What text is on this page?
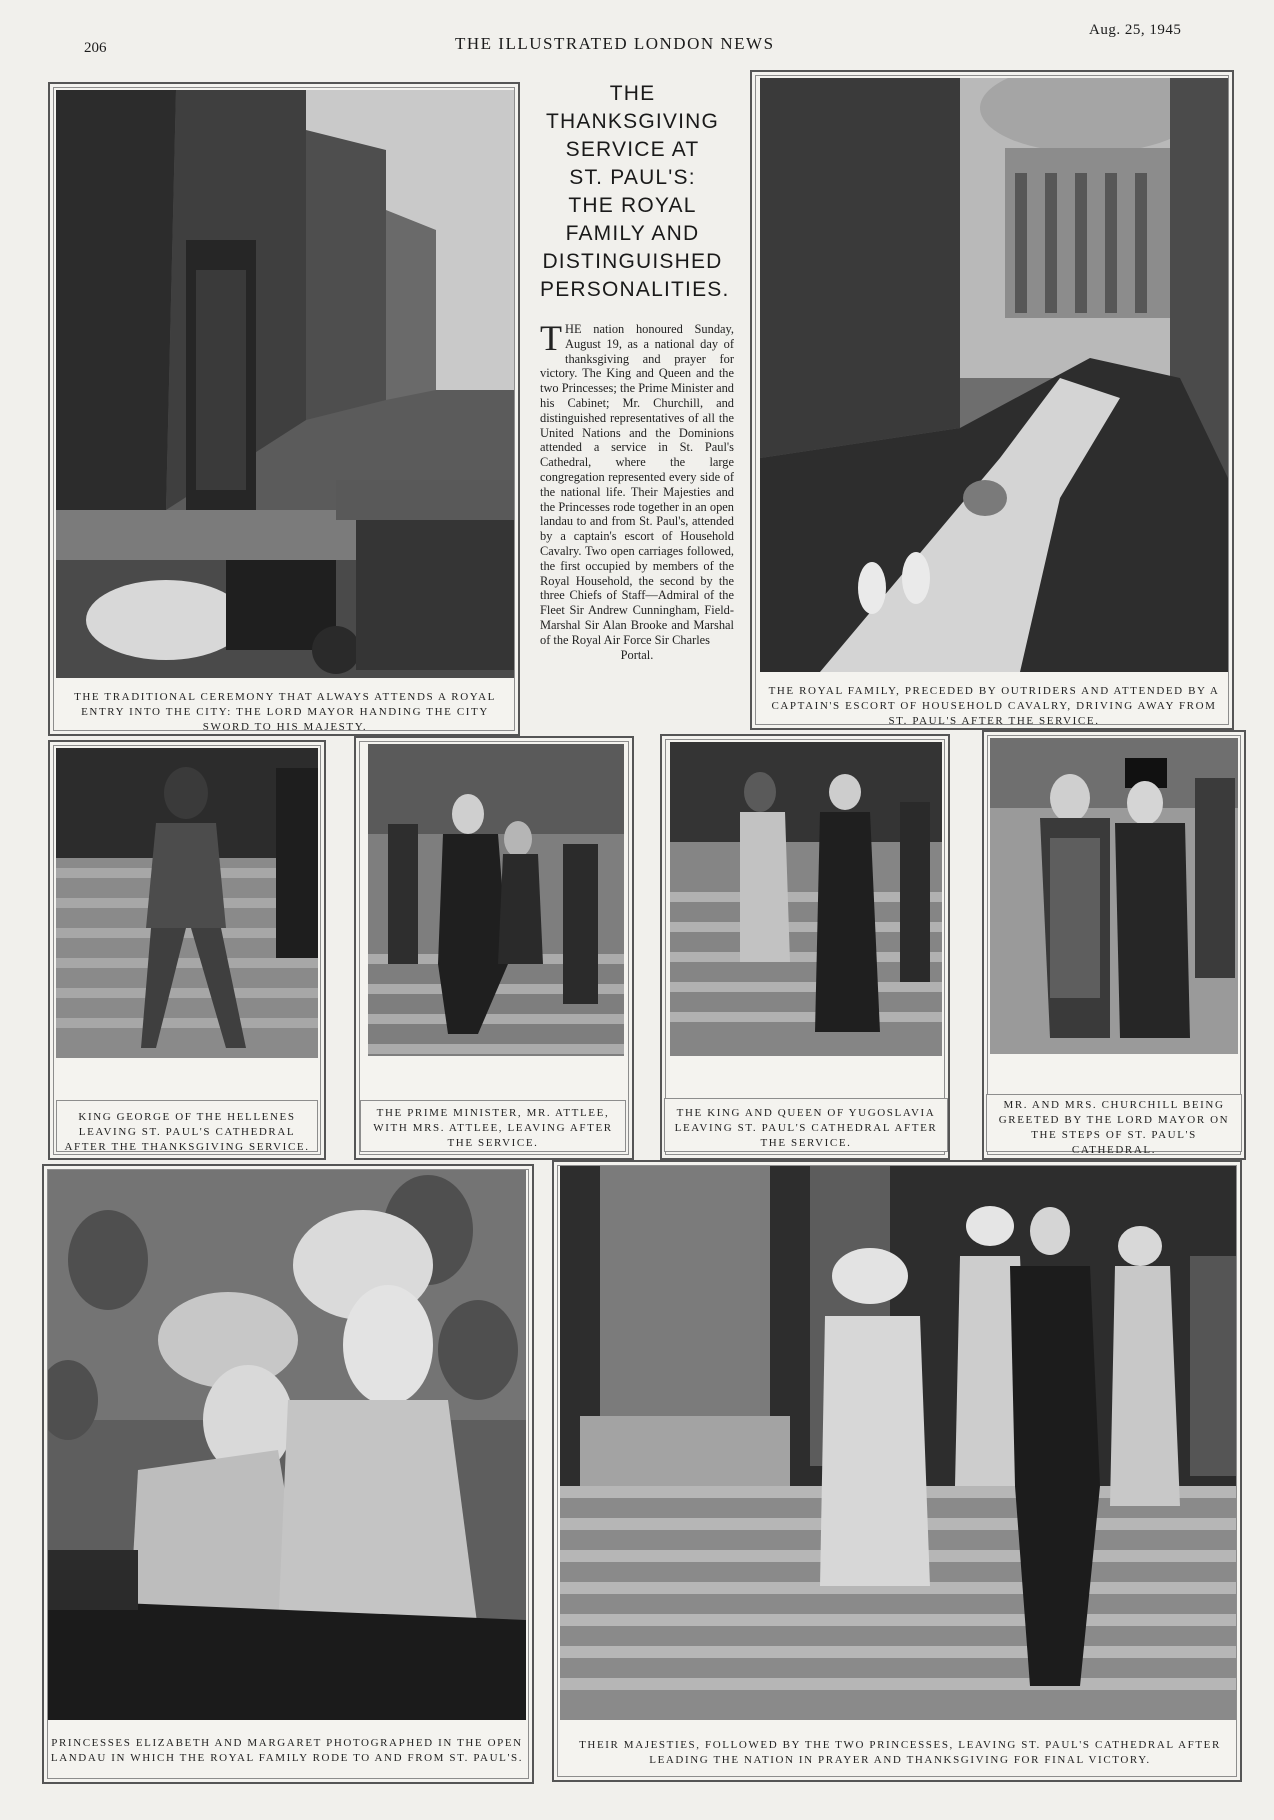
206	THE ILLUSTRATED LONDON NEWS
Aug. 25, 1945
THE TRADITIONAL CEREMONY THAT ALWAYS ATTENDS A ROYAL ENTRY INTO THE CITY: THE LORD MAYOR HANDING THE CITY SWORD TO HIS MAJESTY.
THE
THANKSGIVING
SERVICE AT
ST. PAUL'S:
THE ROYAL
FAMILY AND
DISTINGUISHED
PERSONALITIES.
THE nation honoured Sunday, August 19, as a national day of thanksgiving and prayer for victory. The King and Queen and the two Princesses; the Prime Minister and his Cabinet; Mr. Churchill, and distinguished representatives of all the United Nations and the Dominions attended a service in St. Paul's Cathedral, where the large congregation represented every side of the national life. Their Majesties and the Princesses rode together in an open landau to and from St. Paul's, attended by a captain's escort of Household Cavalry. Two open carriages followed, the first occupied by members of the Royal Household, the second by the three Chiefs of Staff—Admiral of the Fleet Sir Andrew Cunningham, Field-Marshal Sir Alan Brooke and Marshal of the Royal Air Force Sir Charles
Portal.
THE ROYAL FAMILY, PRECEDED BY OUTRIDERS AND ATTENDED BY A CAPTAIN'S ESCORT OF HOUSEHOLD CAVALRY, DRIVING AWAY FROM ST. PAUL'S AFTER THE SERVICE.
KING GEORGE OF THE HELLENES LEAVING ST. PAUL'S CATHEDRAL AFTER THE THANKSGIVING SERVICE.
THE PRIME MINISTER, MR. ATTLEE, WITH MRS. ATTLEE, LEAVING AFTER THE SERVICE.
THE KING AND QUEEN OF YUGOSLAVIA LEAVING ST. PAUL'S CATHEDRAL AFTER THE SERVICE.
MR. AND MRS. CHURCHILL BEING GREETED BY THE LORD MAYOR ON THE STEPS OF ST. PAUL'S CATHEDRAL.
PRINCESSES ELIZABETH AND MARGARET PHOTOGRAPHED IN THE OPEN LANDAU IN WHICH THE ROYAL FAMILY RODE TO AND FROM ST. PAUL'S.
THEIR MAJESTIES, FOLLOWED BY THE TWO PRINCESSES, LEAVING ST. PAUL'S CATHEDRAL AFTER LEADING THE NATION IN PRAYER AND THANKSGIVING FOR FINAL VICTORY.
